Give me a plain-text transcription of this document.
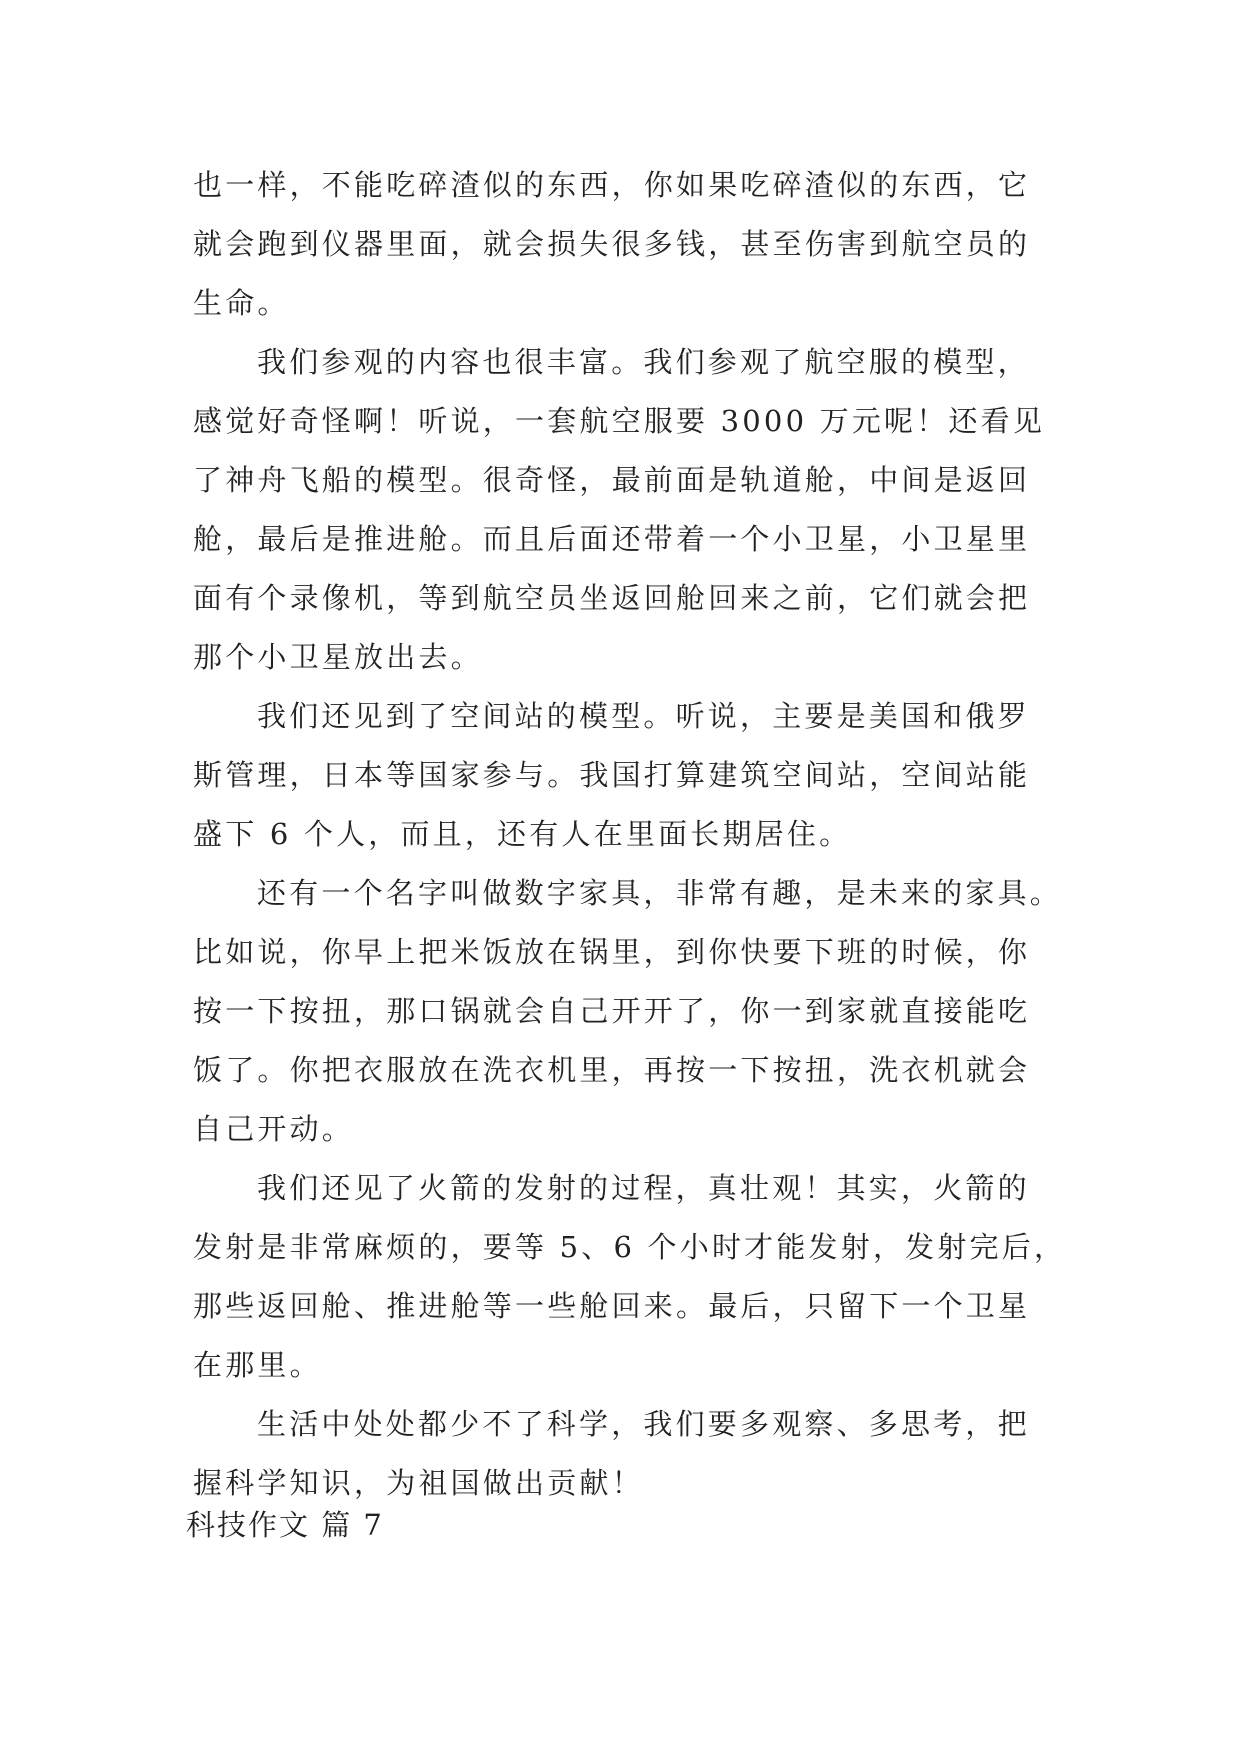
也一样，不能吃碎渣似的东西，你如果吃碎渣似的东西，它
就会跑到仪器里面，就会损失很多钱，甚至伤害到航空员的
生命。
我们参观的内容也很丰富。我们参观了航空服的模型，
感觉好奇怪啊！听说，一套航空服要 3000 万元呢！还看见
了神舟飞船的模型。很奇怪，最前面是轨道舱，中间是返回
舱，最后是推进舱。而且后面还带着一个小卫星，小卫星里
面有个录像机，等到航空员坐返回舱回来之前，它们就会把
那个小卫星放出去。
我们还见到了空间站的模型。听说，主要是美国和俄罗
斯管理，日本等国家参与。我国打算建筑空间站，空间站能
盛下 6 个人，而且，还有人在里面长期居住。
还有一个名字叫做数字家具，非常有趣，是未来的家具。
比如说，你早上把米饭放在锅里，到你快要下班的时候，你
按一下按扭，那口锅就会自己开开了，你一到家就直接能吃
饭了。你把衣服放在洗衣机里，再按一下按扭，洗衣机就会
自己开动。
我们还见了火箭的发射的过程，真壮观！其实，火箭的
发射是非常麻烦的，要等 5、6 个小时才能发射，发射完后，
那些返回舱、推进舱等一些舱回来。最后，只留下一个卫星
在那里。
生活中处处都少不了科学，我们要多观察、多思考，把
握科学知识，为祖国做出贡献！
科技作文 篇 7
